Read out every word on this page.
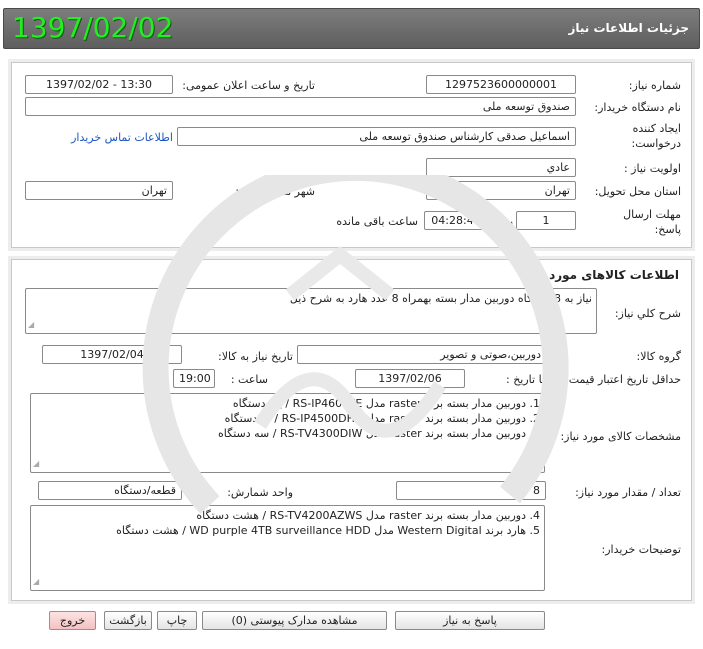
1397/02/02	جزئیات اطلاعات نیاز
شماره نیاز:
1297523600000001
تاریخ و ساعت اعلان عمومی:
1397/02/02 - 13:30
نام دستگاه خریدار:
صندوق توسعه ملی
ایجاد کننده
درخواست:
اسماعیل صدقی کارشناس صندوق توسعه ملی
اطلاعات تماس خریدار
اولویت نیاز :
عادي
استان محل تحویل:
تهران
شهر محل تحویل:
تهران
مهلت ارسال
پاسخ:
1
روز و
04:28:44
ساعت باقی مانده
اطلاعات کالاهای مورد نیاز
شرح کلي نياز:
نیاز به 8 دستگاه دوربین مدار بسته بهمراه 8 عدد هارد به شرح ذیل
◢
گروه کالا:
دوربین،صوتی و تصویر
تاریخ نیاز به کالا:
1397/02/04
حداقل تاریخ اعتبار قیمت:
تا تاریخ :
1397/02/06
ساعت :
19:00
مشخصات کالای مورد نیاز:
1. دوربین مدار بسته برند raster مدل RS-IP4600FE / یک دستگاه
2. دوربین مدار بسته برند raster مدل RS-IP4500DHA / دو دستگاه
3. دوربین مدار بسته برند raster مدل RS-TV4300DIW / سه دستگاه
◢
تعداد / مقدار مورد نیاز:
8
واحد شمارش:
قطعه/دستگاه
توضیحات خریدار:
4. دوربین مدار بسته برند raster مدل RS-TV4200AZWS / هشت دستگاه
5. هارد برند Western Digital مدل WD purple 4TB surveillance HDD / هشت دستگاه
◢
پاسخ به نیاز
مشاهده مدارک پیوستی (0)
چاپ
بازگشت
خروج
